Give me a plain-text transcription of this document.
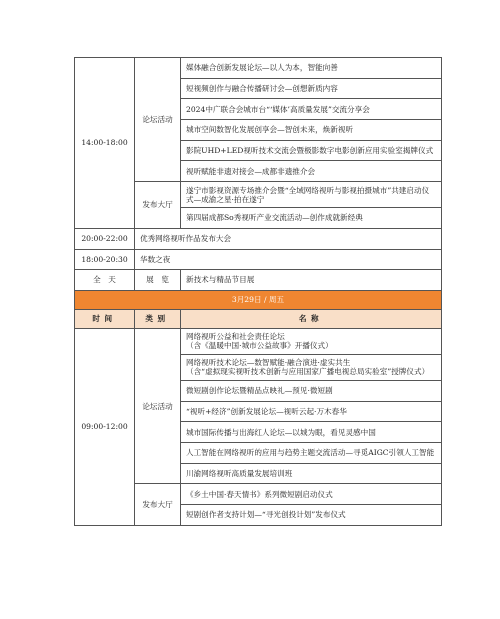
14:00-18:00	论坛活动	媒体融合创新发展论坛—以人为本，智能向善
		短视频创作与融合传播研讨会—创想新质内容
		2024中广联合会城市台“‘媒体’高质量发展”交流分享会
		城市空间数智化发展创享会—智创未来，焕新视听
		影院UHD+LED视听技术交流会暨极影数字电影创新应用实验室揭牌仪式
		视听赋能非遗对接会—成都非遗推介会
	发布大厅	遂宁市影视资源专场推介会暨“全域网络视听与影视拍摄城市”共建启动仪式—成渝之星·拍在遂宁
		第四届成都So秀视听产业交流活动—创作成就新经典
20:00-22:00	优秀网络视听作品发布大会	
18:00-20:30	华数之夜	
全　天	展　览	新技术与精品节目展
3月29日 / 周五		
时间	类别	名称
09:00-12:00	论坛活动	网络视听公益和社会责任论坛
（含《温暖中国·城市公益故事》开播仪式）

		网络视听技术论坛—数智赋能·融合演进·虚实共生
（含“虚拟现实视听技术创新与应用国家广播电视总局实验室”授牌仪式）

		微短剧创作论坛暨精品点映礼—预见·微短剧
		“视听+经济”创新发展论坛—视听云起·万木春华
		城市国际传播与出海红人论坛—以城为眼，看见灵感中国
		人工智能在网络视听的应用与趋势主题交流活动—寻觅AIGC引领人工智能
		川渝网络视听高质量发展培训班
	发布大厅	《乡土中国·春天情书》系列微短剧启动仪式
		短剧创作者支持计划—“寻光创投计划”发布仪式
